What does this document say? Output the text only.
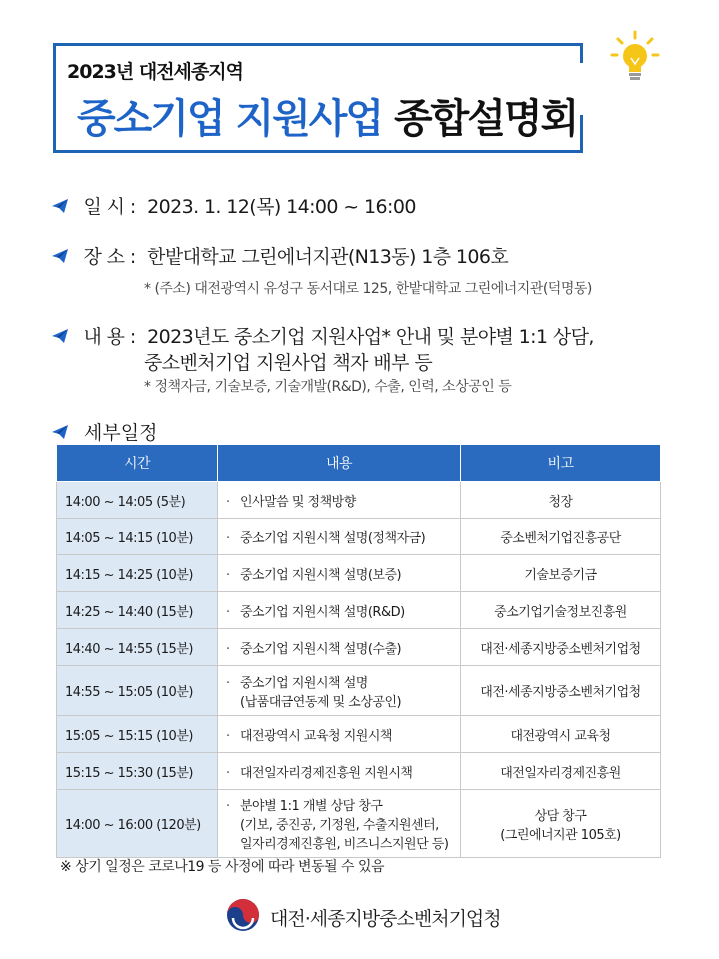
2023년 대전세종지역
중소기업 지원사업 종합설명회
일 시 : 2023. 1. 12(목) 14:00 ~ 16:00
장 소 : 한밭대학교 그린에너지관(N13동) 1층 106호
* (주소) 대전광역시 유성구 동서대로 125, 한밭대학교 그린에너지관(덕명동)
내 용 : 2023년도 중소기업 지원사업* 안내 및 분야별 1:1 상담,
중소벤처기업 지원사업 책자 배부 등
* 정책자금, 기술보증, 기술개발(R&D), 수출, 인력, 소상공인 등
세부일정
시간	내용	비고
14:00 ~ 14:05 (5분)	· 인사말씀 및 정책방향	청장
14:05 ~ 14:15 (10분)	· 중소기업 지원시책 설명(정책자금)	중소벤처기업진흥공단
14:15 ~ 14:25 (10분)	· 중소기업 지원시책 설명(보증)	기술보증기금
14:25 ~ 14:40 (15분)	· 중소기업 지원시책 설명(R&D)	중소기업기술정보진흥원
14:40 ~ 14:55 (15분)	· 중소기업 지원시책 설명(수출)	대전·세종지방중소벤처기업청
14:55 ~ 15:05 (10분)	· 중소기업 지원시책 설명
(납품대금연동제 및 소상공인)	대전·세종지방중소벤처기업청
15:05 ~ 15:15 (10분)	· 대전광역시 교육청 지원시책	대전광역시 교육청
15:15 ~ 15:30 (15분)	· 대전일자리경제진흥원 지원시책	대전일자리경제진흥원
14:00 ~ 16:00 (120분)	· 분야별 1:1 개별 상담 창구
(기보, 중진공, 기정원, 수출지원센터,
일자리경제진흥원, 비즈니스지원단 등)	상담 창구
(그린에너지관 105호)
※ 상기 일정은 코로나19 등 사정에 따라 변동될 수 있음
대전·세종지방중소벤처기업청
